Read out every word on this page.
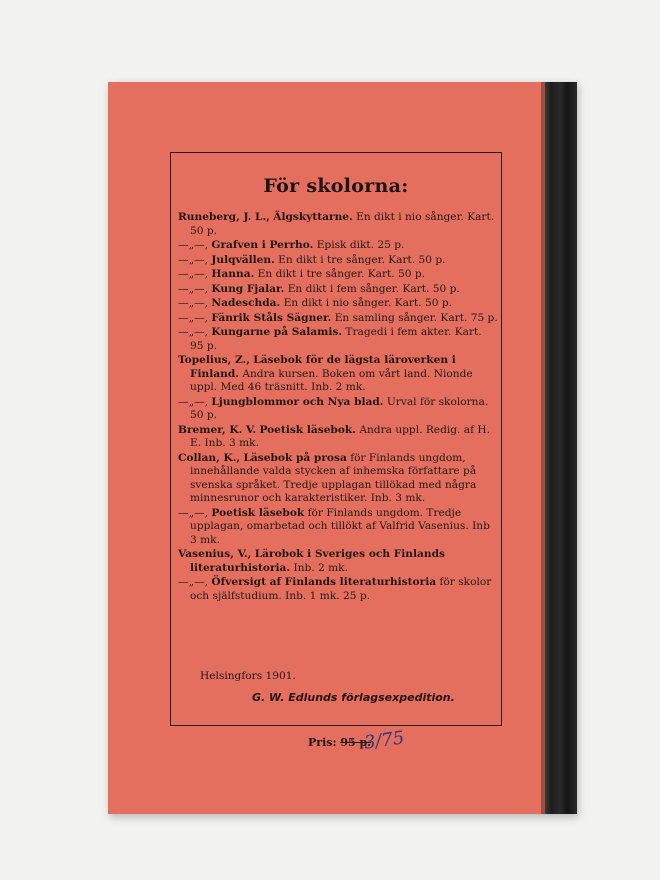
För skolorna:
Runeberg, J. L., Älgskyttarne. En dikt i nio sånger. Kart. 50 p.
—„—, Grafven i Perrho. Episk dikt. 25 p.
—„—, Julqvällen. En dikt i tre sånger. Kart. 50 p.
—„—, Hanna. En dikt i tre sånger. Kart. 50 p.
—„—, Kung Fjalar. En dikt i fem sånger. Kart. 50 p.
—„—, Nadeschda. En dikt i nio sånger. Kart. 50 p.
—„—, Fänrik Ståls Sägner. En samling sånger. Kart. 75 p.
—„—, Kungarne på Salamis. Tragedi i fem akter. Kart. 95 p.
Topelius, Z., Läsebok för de lägsta läroverken i Finland. Andra kursen. Boken om vårt land. Nionde uppl. Med 46 träsnitt. Inb. 2 mk.
—„—, Ljungblommor och Nya blad. Urval för skolorna. 50 p.
Bremer, K. V. Poetisk läsebok. Andra uppl. Redig. af H. E. Inb. 3 mk.
Collan, K., Läsebok på prosa för Finlands ungdom, innehållande valda stycken af inhemska författare på svenska språket. Tredje upplagan tillökad med några minnesrunor och karakteristiker. Inb. 3 mk.
—„—, Poetisk läsebok för Finlands ungdom. Tredje upplagan, omarbetad och tillökt af Valfrid Vasenius. Inb 3 mk.
Vasenius, V., Lärobok i Sveriges och Finlands literaturhistoria. Inb. 2 mk.
—„—, Öfversigt af Finlands literaturhistoria för skolor och själfstudium. Inb. 1 mk. 25 p.
Helsingfors 1901.
G. W. Edlunds förlagsexpedition.
Pris: 95 p.
3/75
